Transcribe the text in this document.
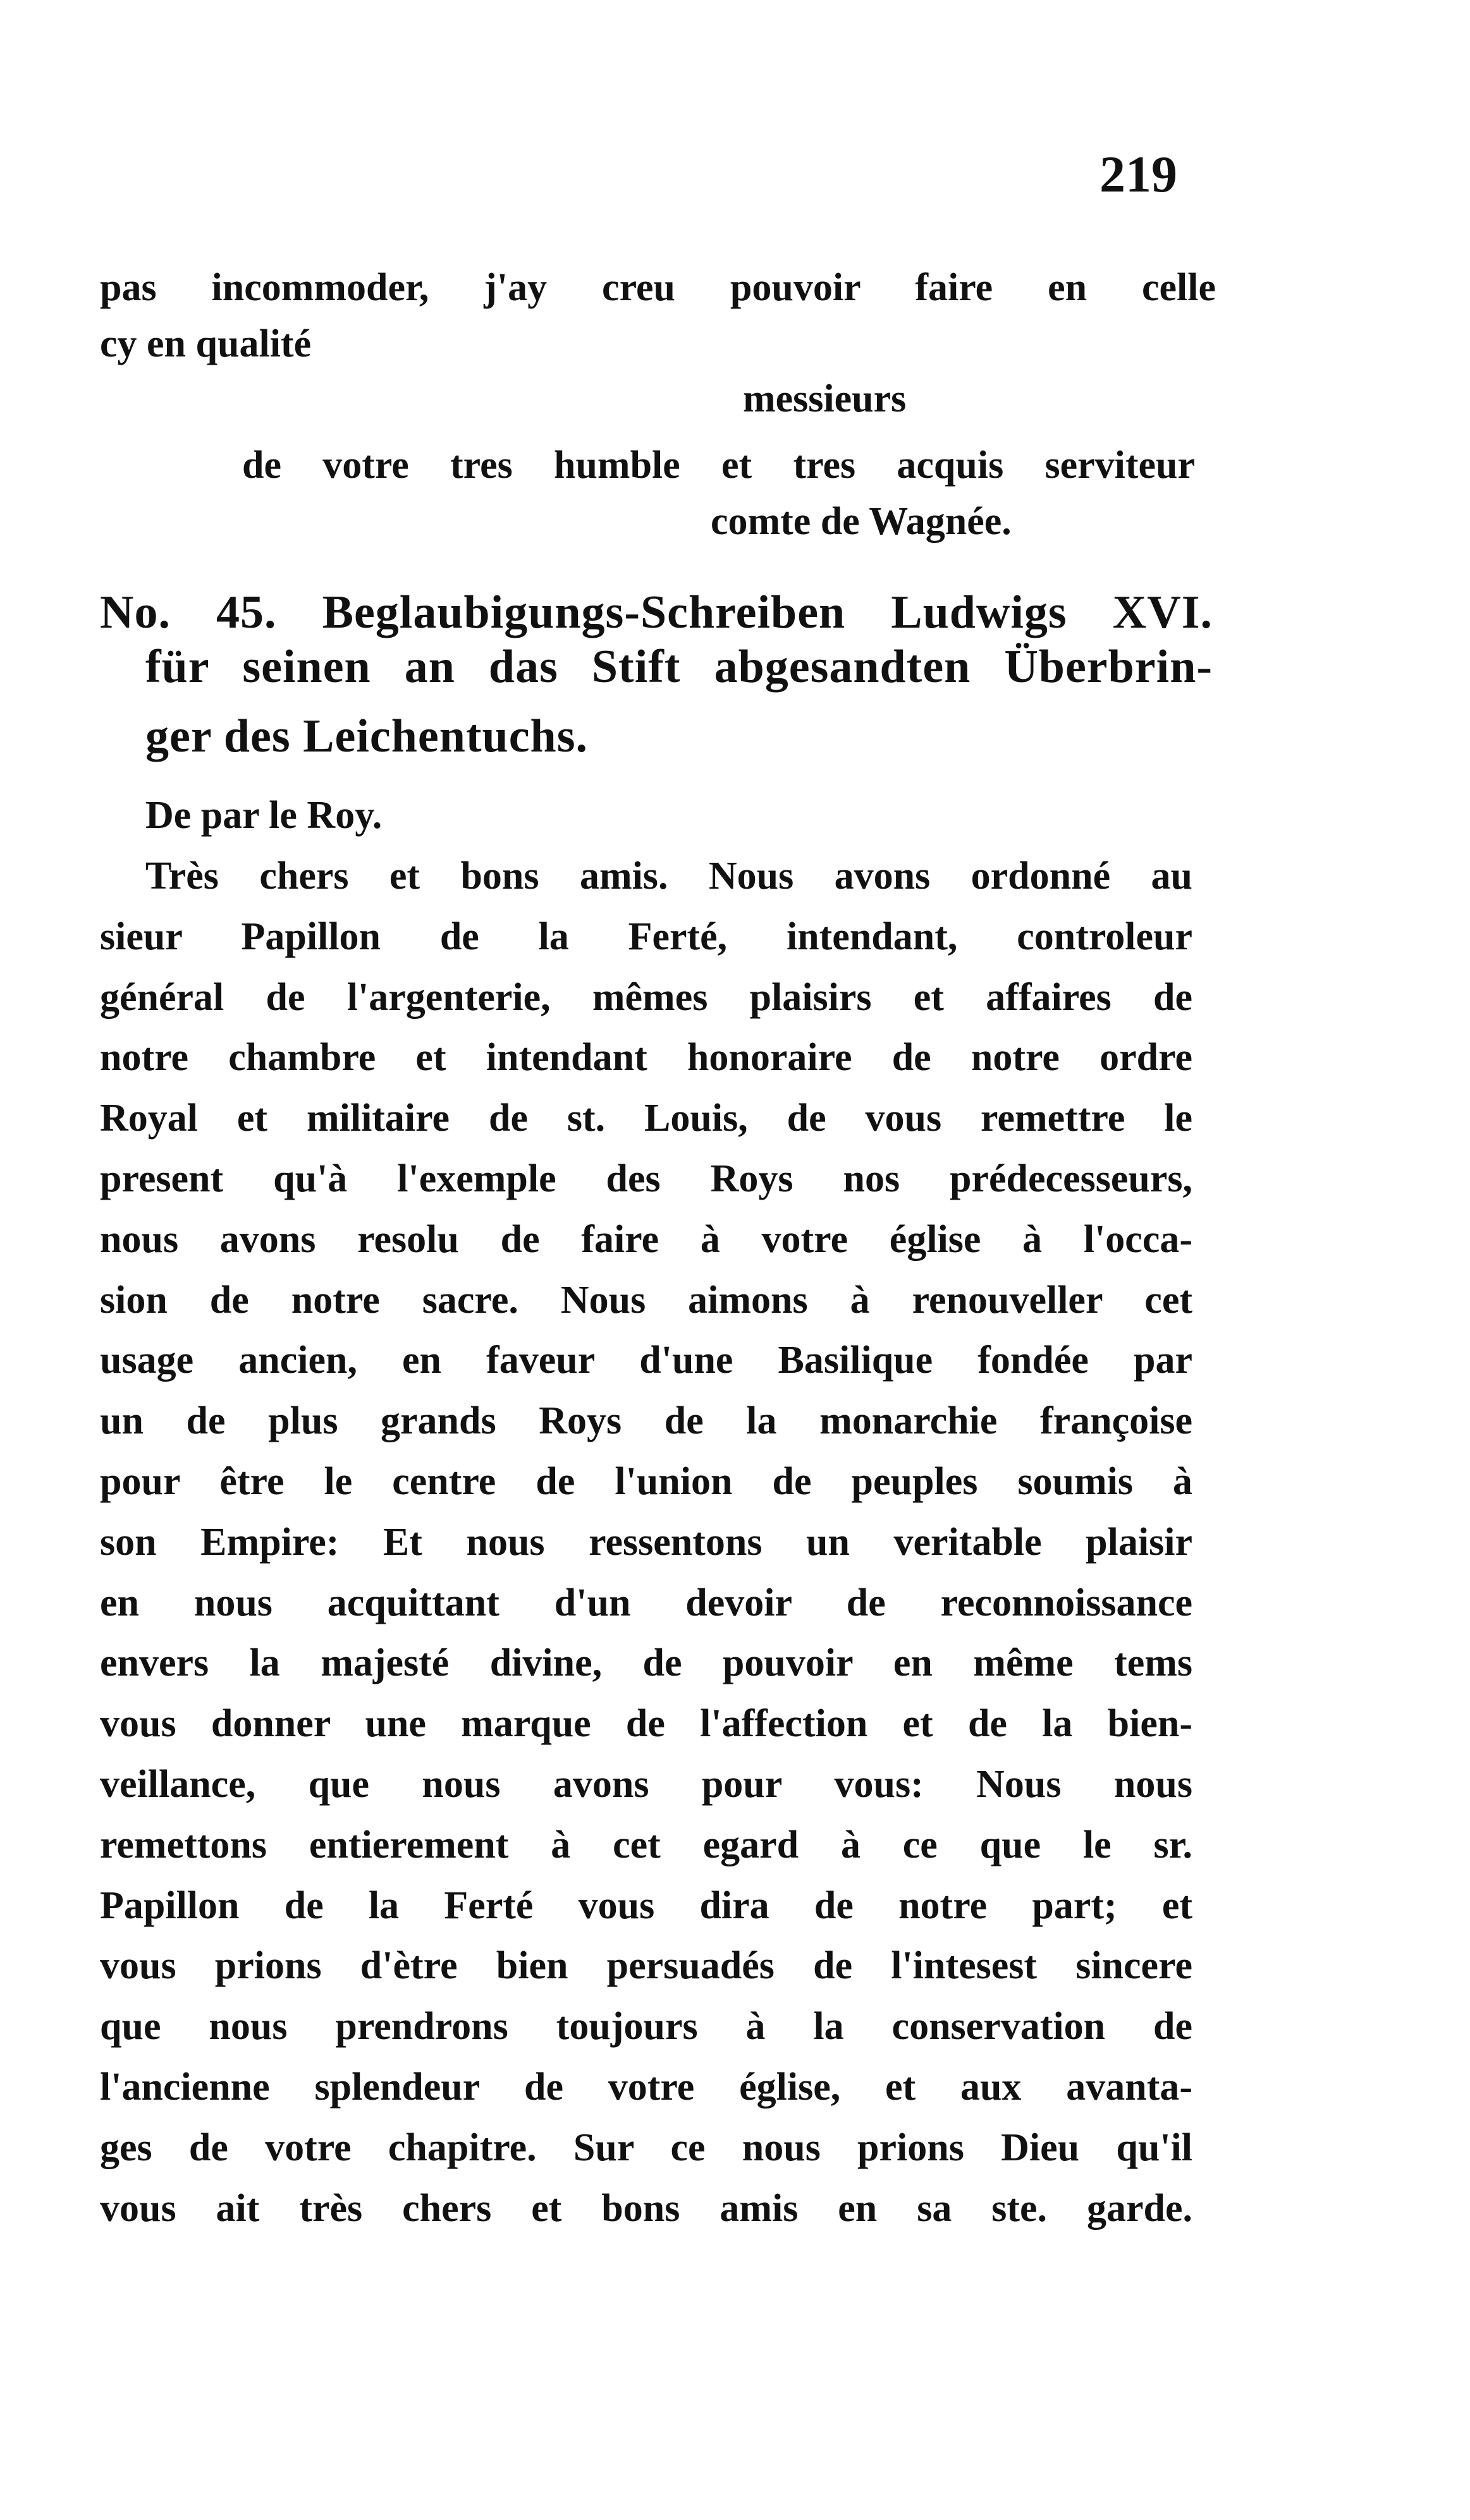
219
pas incommoder, j'ay creu pouvoir faire en celle
cy en qualité
messieurs
de votre tres humble et tres acquis serviteur
comte de Wagnée.
No. 45. Beglaubigungs-Schreiben Ludwigs XVI.
für seinen an das Stift abgesandten Überbrin-
ger des Leichentuchs.
De par le Roy.
Très chers et bons amis. Nous avons ordonné au
sieur Papillon de la Ferté, intendant, controleur
général de l'argenterie, mêmes plaisirs et affaires de
notre chambre et intendant honoraire de notre ordre
Royal et militaire de st. Louis, de vous remettre le
present qu'à l'exemple des Roys nos prédecesseurs,
nous avons resolu de faire à votre église à l'occa-
sion de notre sacre. Nous aimons à renouveller cet
usage ancien, en faveur d'une Basilique fondée par
un de plus grands Roys de la monarchie françoise
pour être le centre de l'union de peuples soumis à
son Empire: Et nous ressentons un veritable plaisir
en nous acquittant d'un devoir de reconnoissance
envers la majesté divine, de pouvoir en même tems
vous donner une marque de l'affection et de la bien-
veillance, que nous avons pour vous: Nous nous
remettons entierement à cet egard à ce que le sr.
Papillon de la Ferté vous dira de notre part; et
vous prions d'ètre bien persuadés de l'intesest sincere
que nous prendrons toujours à la conservation de
l'ancienne splendeur de votre église, et aux avanta-
ges de votre chapitre. Sur ce nous prions Dieu qu'il
vous ait très chers et bons amis en sa ste. garde.
